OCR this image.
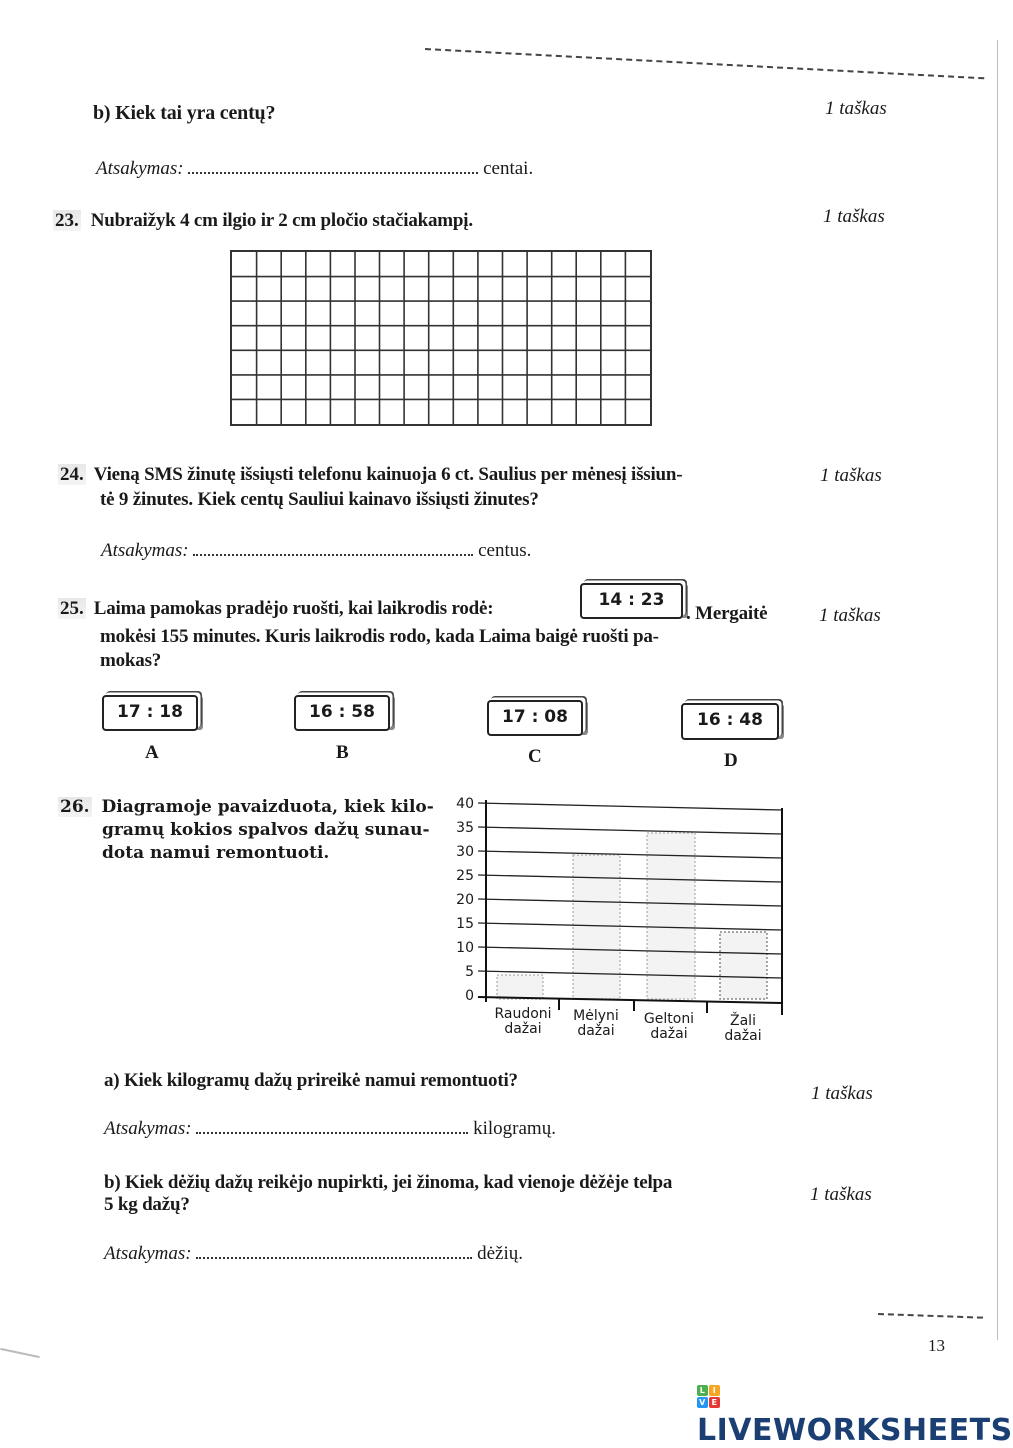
b) Kiek tai yra centų?	1 taškas
Atsakymas:	centai.
23. Nubraižyk 4 cm ilgio ir 2 cm pločio stačiakampį.	1 taškas
24. Vieną SMS žinutę išsiųsti telefonu kainuoja 6 ct. Saulius per mėnesį išsiun-
tė 9 žinutes. Kiek centų Sauliui kainavo išsiųsti žinutes?
1 taškas
Atsakymas:	centus.
25. Laima pamokas pradėjo ruošti, kai laikrodis rodė:	14 : 23
. Mergaitė	1 taškas
mokėsi 155 minutes. Kuris laikrodis rodo, kada Laima baigė ruošti pa-
mokas?
17 : 18
A
16 : 58
B
17 : 08
C
16 : 48
D
26. Diagramoje pavaizduota, kiek kilo-
gramų kokios spalvos dažų sunau-
dota namui remontuoti.
40
35
30
25
20
15
10
5
0
Raudoni
dažai
Mėlyni
dažai
Geltoni
dažai
Žali
dažai
a) Kiek kilogramų dažų prireikė namui remontuoti?
1 taškas
Atsakymas:	kilogramų.
b) Kiek dėžių dažų reikėjo nupirkti, jei žinoma, kad vienoje dėžėje telpa
5 kg dažų?	1 taškas
Atsakymas:	dėžių.
13
L I
V E
LIVEWORKSHEETS
